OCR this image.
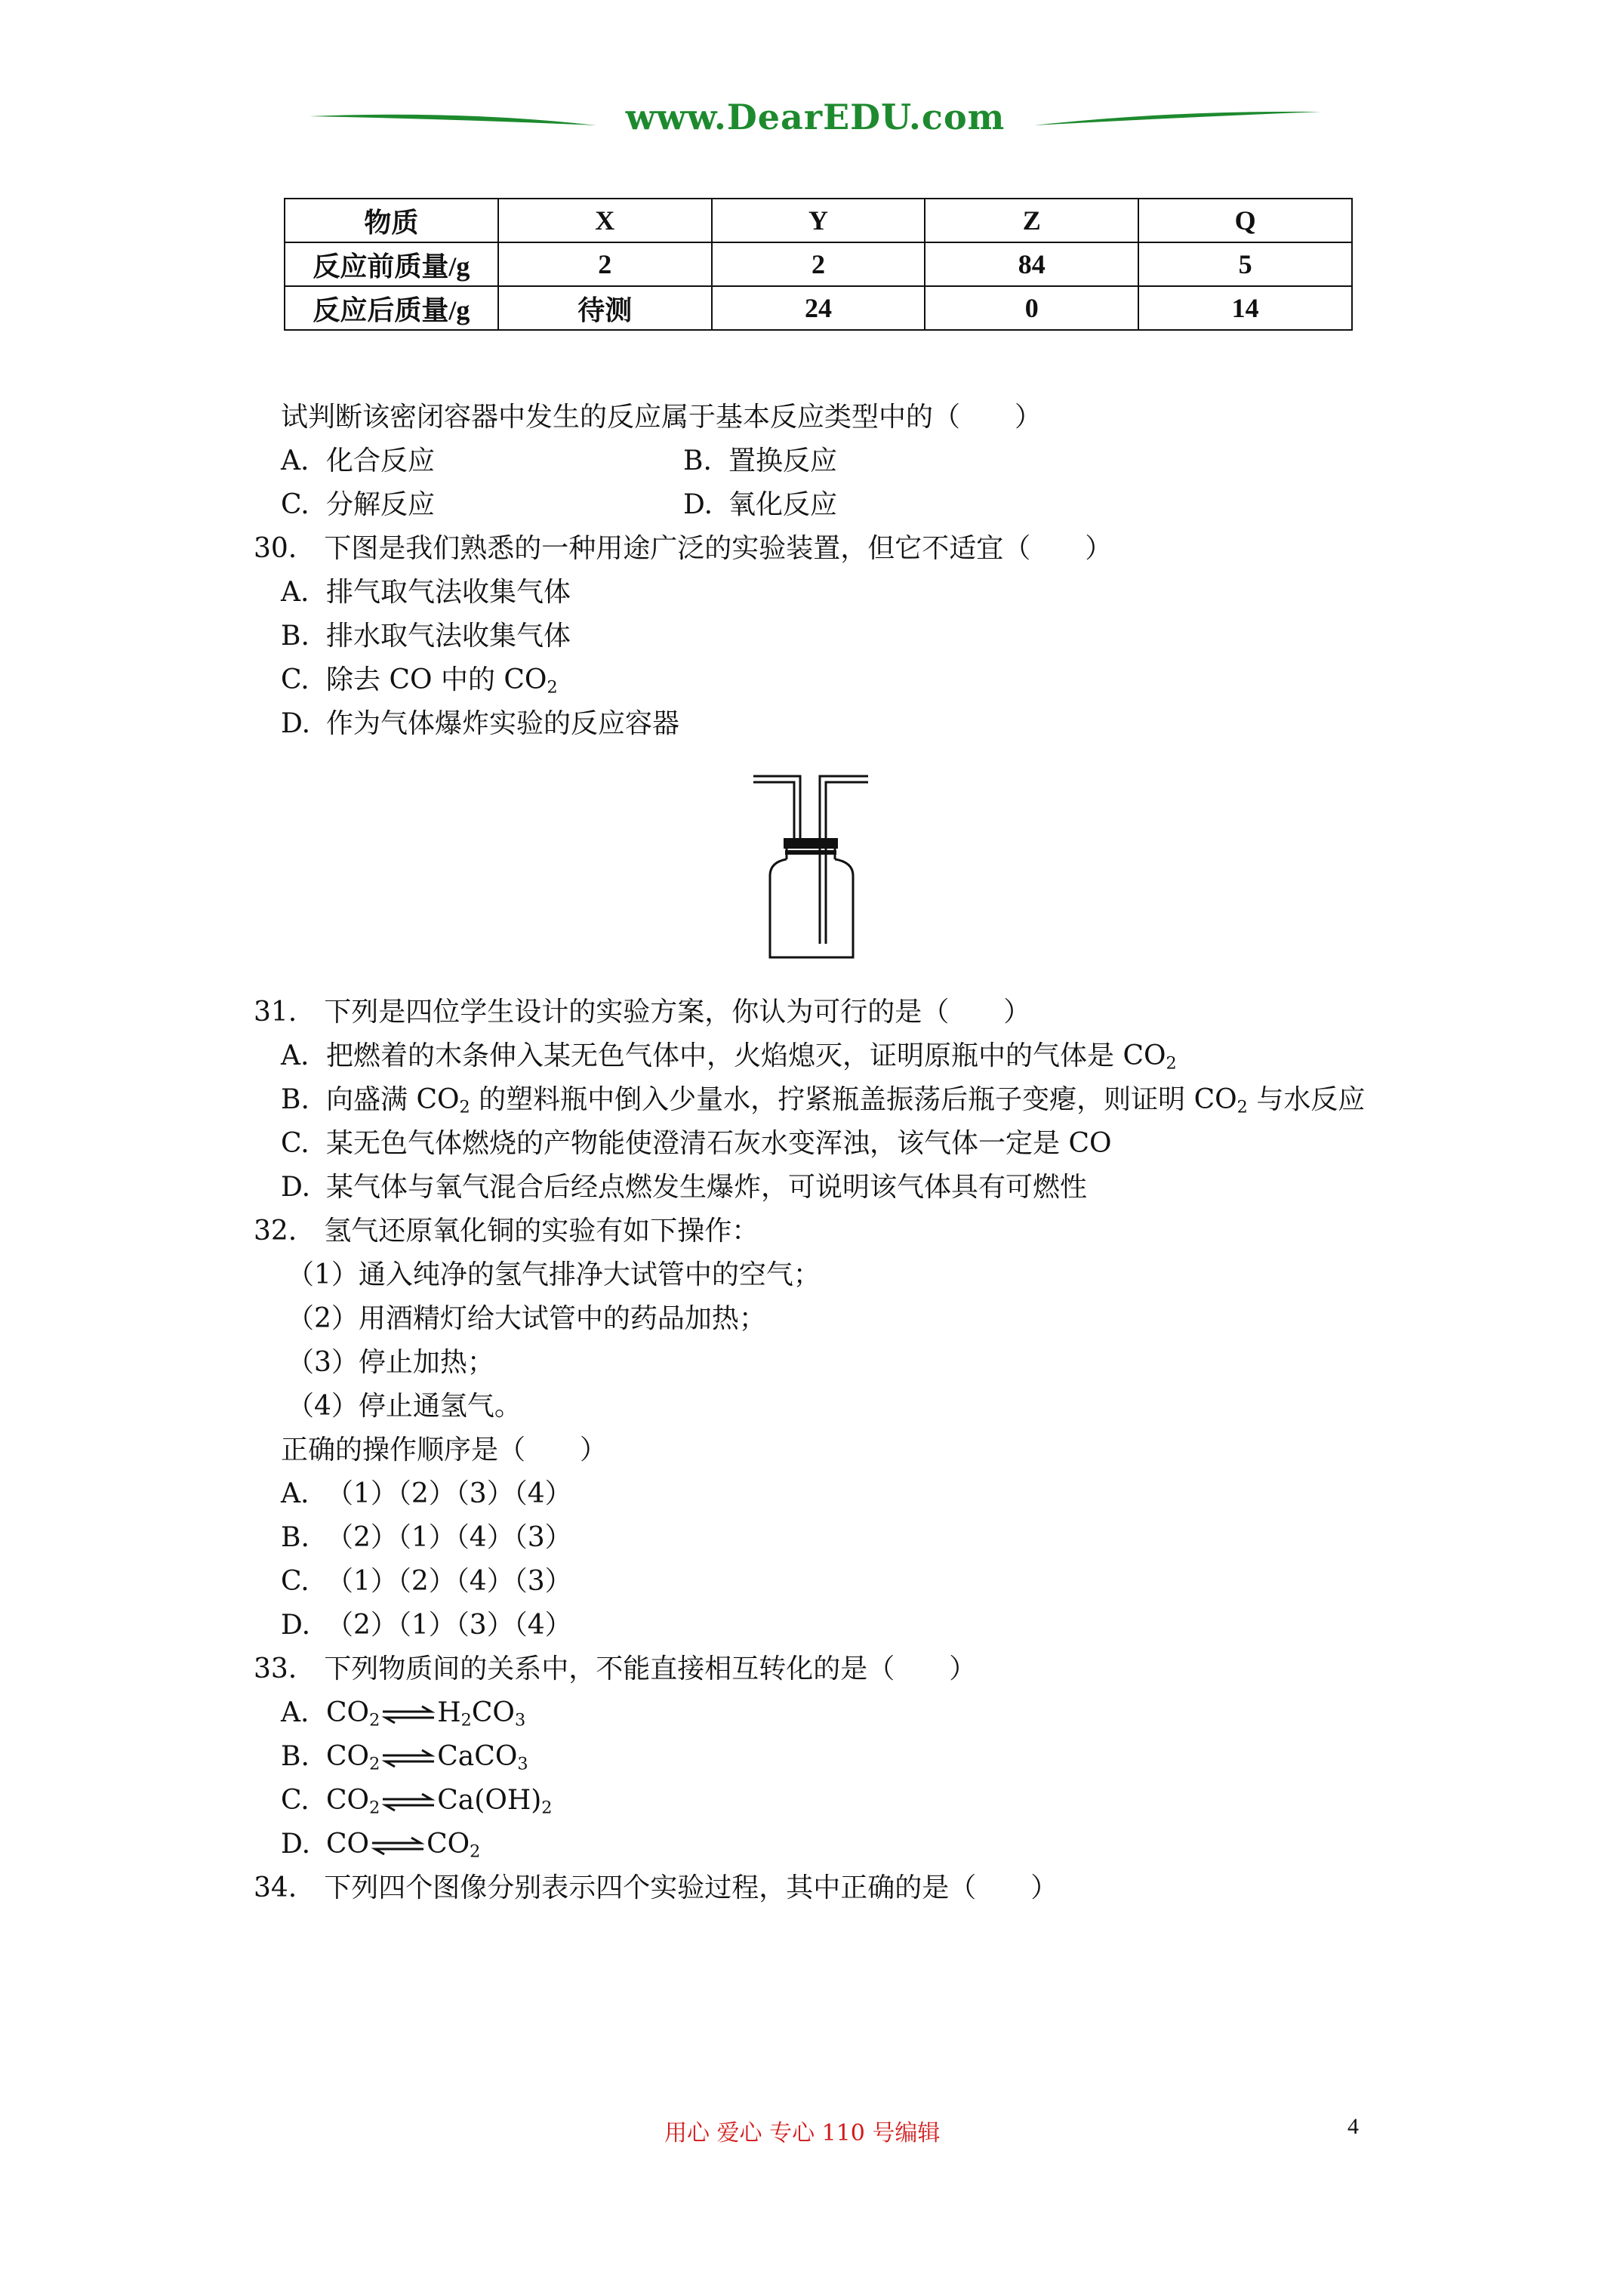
www.DearEDU.com
物质	X	Y	Z	Q
反应前质量/g	2	2	84	5
反应后质量/g	待测	24	0	14
试判断该密闭容器中发生的反应属于基本反应类型中的（　　）
A. 化合反应	B. 置换反应
C. 分解反应	D. 氧化反应
30.　下图是我们熟悉的一种用途广泛的实验装置，但它不适宜（　　）
A. 排气取气法收集气体
B. 排水取气法收集气体
C. 除去 CO 中的 $CO_2$
D. 作为气体爆炸实验的反应容器
31.　下列是四位学生设计的实验方案，你认为可行的是（　　）
A. 把燃着的木条伸入某无色气体中，火焰熄灭，证明原瓶中的气体是 $CO_2$
B. 向盛满 $CO_2$ 的塑料瓶中倒入少量水，拧紧瓶盖振荡后瓶子变瘪，则证明 $CO_2$ 与水反应
C. 某无色气体燃烧的产物能使澄清石灰水变浑浊，该气体一定是 CO
D. 某气体与氧气混合后经点燃发生爆炸，可说明该气体具有可燃性
32.　氢气还原氧化铜的实验有如下操作：
（1）通入纯净的氢气排净大试管中的空气；
（2）用酒精灯给大试管中的药品加热；
（3）停止加热；
（4）停止通氢气。
正确的操作顺序是（　　）
A. （1）（2）（3）（4）
B. （2）（1）（4）（3）
C. （1）（2）（4）（3）
D. （2）（1）（3）（4）
33.　下列物质间的关系中，不能直接相互转化的是（　　）
A. $CO_2$ ⇌ $H_2CO_3$
B. $CO_2$ ⇌ CaCO$_3$
C. $CO_2$ ⇌ $Ca(OH)_2$
D. CO ⇌ $CO_2$
34.　下列四个图像分别表示四个实验过程，其中正确的是（　　）
用心 爱心 专心 110 号编辑	4
